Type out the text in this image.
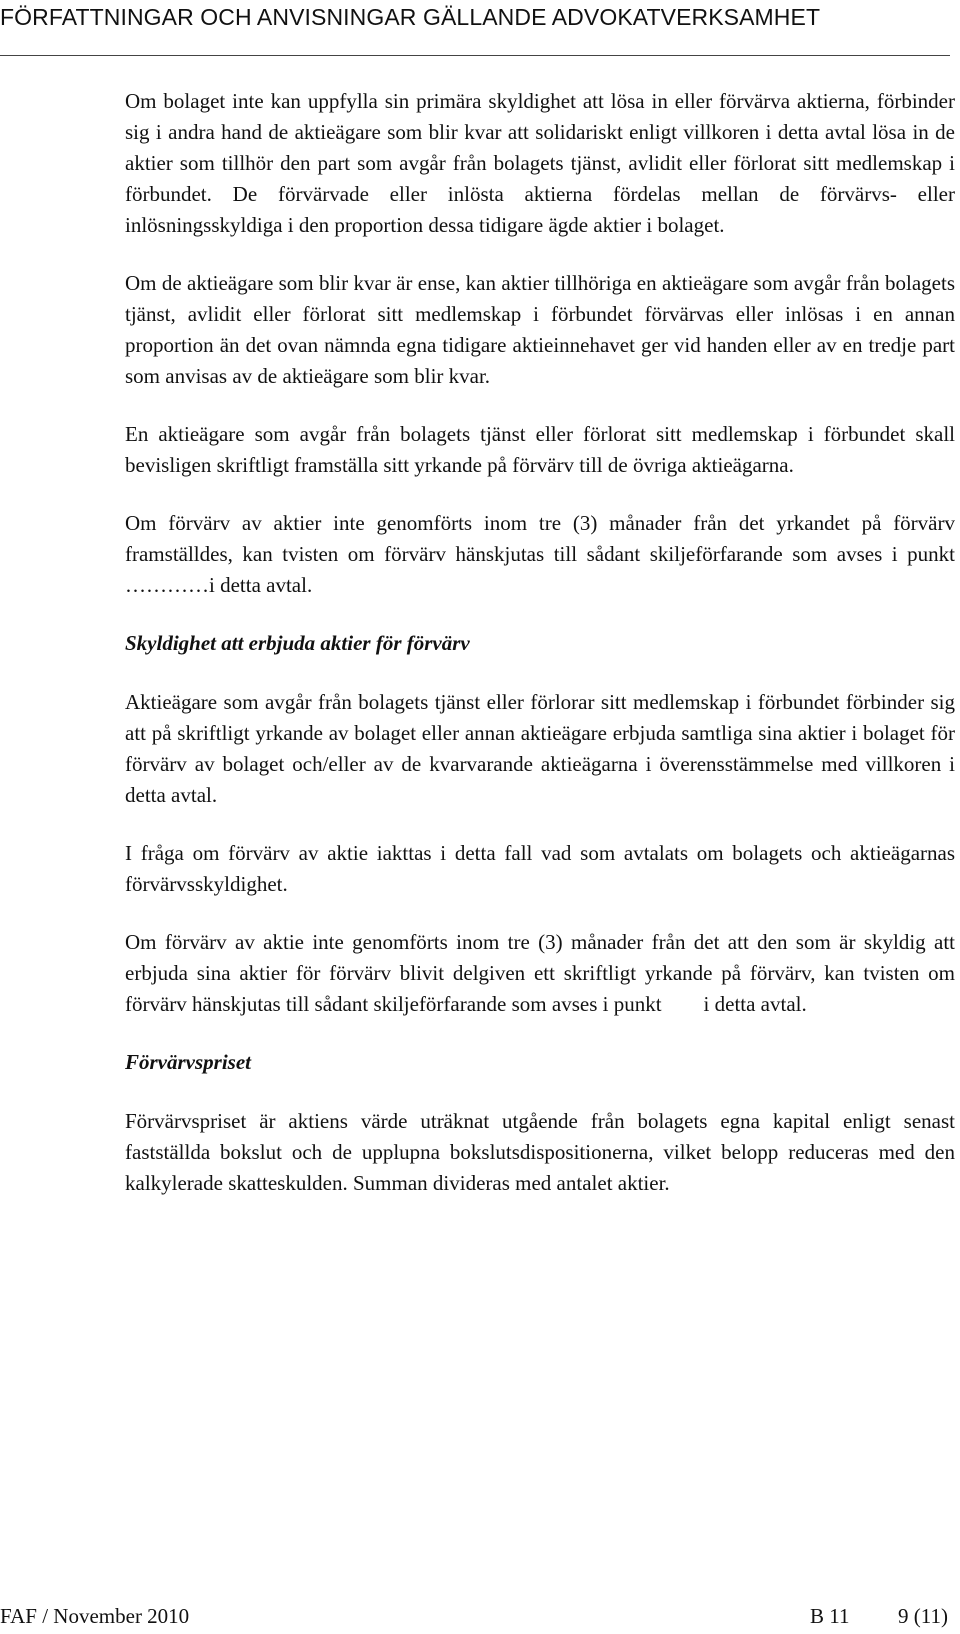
FÖRFATTNINGAR OCH ANVISNINGAR GÄLLANDE ADVOKATVERKSAMHET

Om bolaget inte kan uppfylla sin primära skyldighet att lösa in eller förvärva aktierna, förbinder sig i andra hand de aktieägare som blir kvar att solidariskt enligt villkoren i detta avtal lösa in de aktier som tillhör den part som avgår från bolagets tjänst, avlidit eller förlorat sitt medlemskap i förbundet. De förvärvade eller inlösta aktierna fördelas mellan de förvärvs- eller inlösningsskyldiga i den proportion dessa tidigare ägde aktier i bolaget.

Om de aktieägare som blir kvar är ense, kan aktier tillhöriga en aktieägare som avgår från bolagets tjänst, avlidit eller förlorat sitt medlemskap i förbundet förvärvas eller inlösas i en annan proportion än det ovan nämnda egna tidigare aktieinnehavet ger vid handen eller av en tredje part som anvisas av de aktieägare som blir kvar.

En aktieägare som avgår från bolagets tjänst eller förlorat sitt medlemskap i förbundet skall bevisligen skriftligt framställa sitt yrkande på förvärv till de övriga aktieägarna.

Om förvärv av aktier inte genomförts inom tre (3) månader från det yrkandet på förvärv framställdes, kan tvisten om förvärv hänskjutas till sådant skiljeförfarande som avses i punkt …………i detta avtal.

Skyldighet att erbjuda aktier för förvärv

Aktieägare som avgår från bolagets tjänst eller förlorar sitt medlemskap i förbundet förbinder sig att på skriftligt yrkande av bolaget eller annan aktieägare erbjuda samtliga sina aktier i bolaget för förvärv av bolaget och/eller av de kvarvarande aktieägarna i överensstämmelse med villkoren i detta avtal.

I fråga om förvärv av aktie iakttas i detta fall vad som avtalats om bolagets och aktieägarnas förvärvsskyldighet.

Om förvärv av aktie inte genomförts inom tre (3) månader från det att den som är skyldig att erbjuda sina aktier för förvärv blivit delgiven ett skriftligt yrkande på förvärv, kan tvisten om förvärv hänskjutas till sådant skiljeförfarande som avses i punkt        i detta avtal.

Förvärvspriset

Förvärvspriset är aktiens värde uträknat utgående från bolagets egna kapital enligt senast fastställda bokslut och de upplupna bokslutsdispositionerna, vilket belopp reduceras med den kalkylerade skatteskulden. Summan divideras med antalet aktier.

FAF / November 2010	B 11 9 (11)
